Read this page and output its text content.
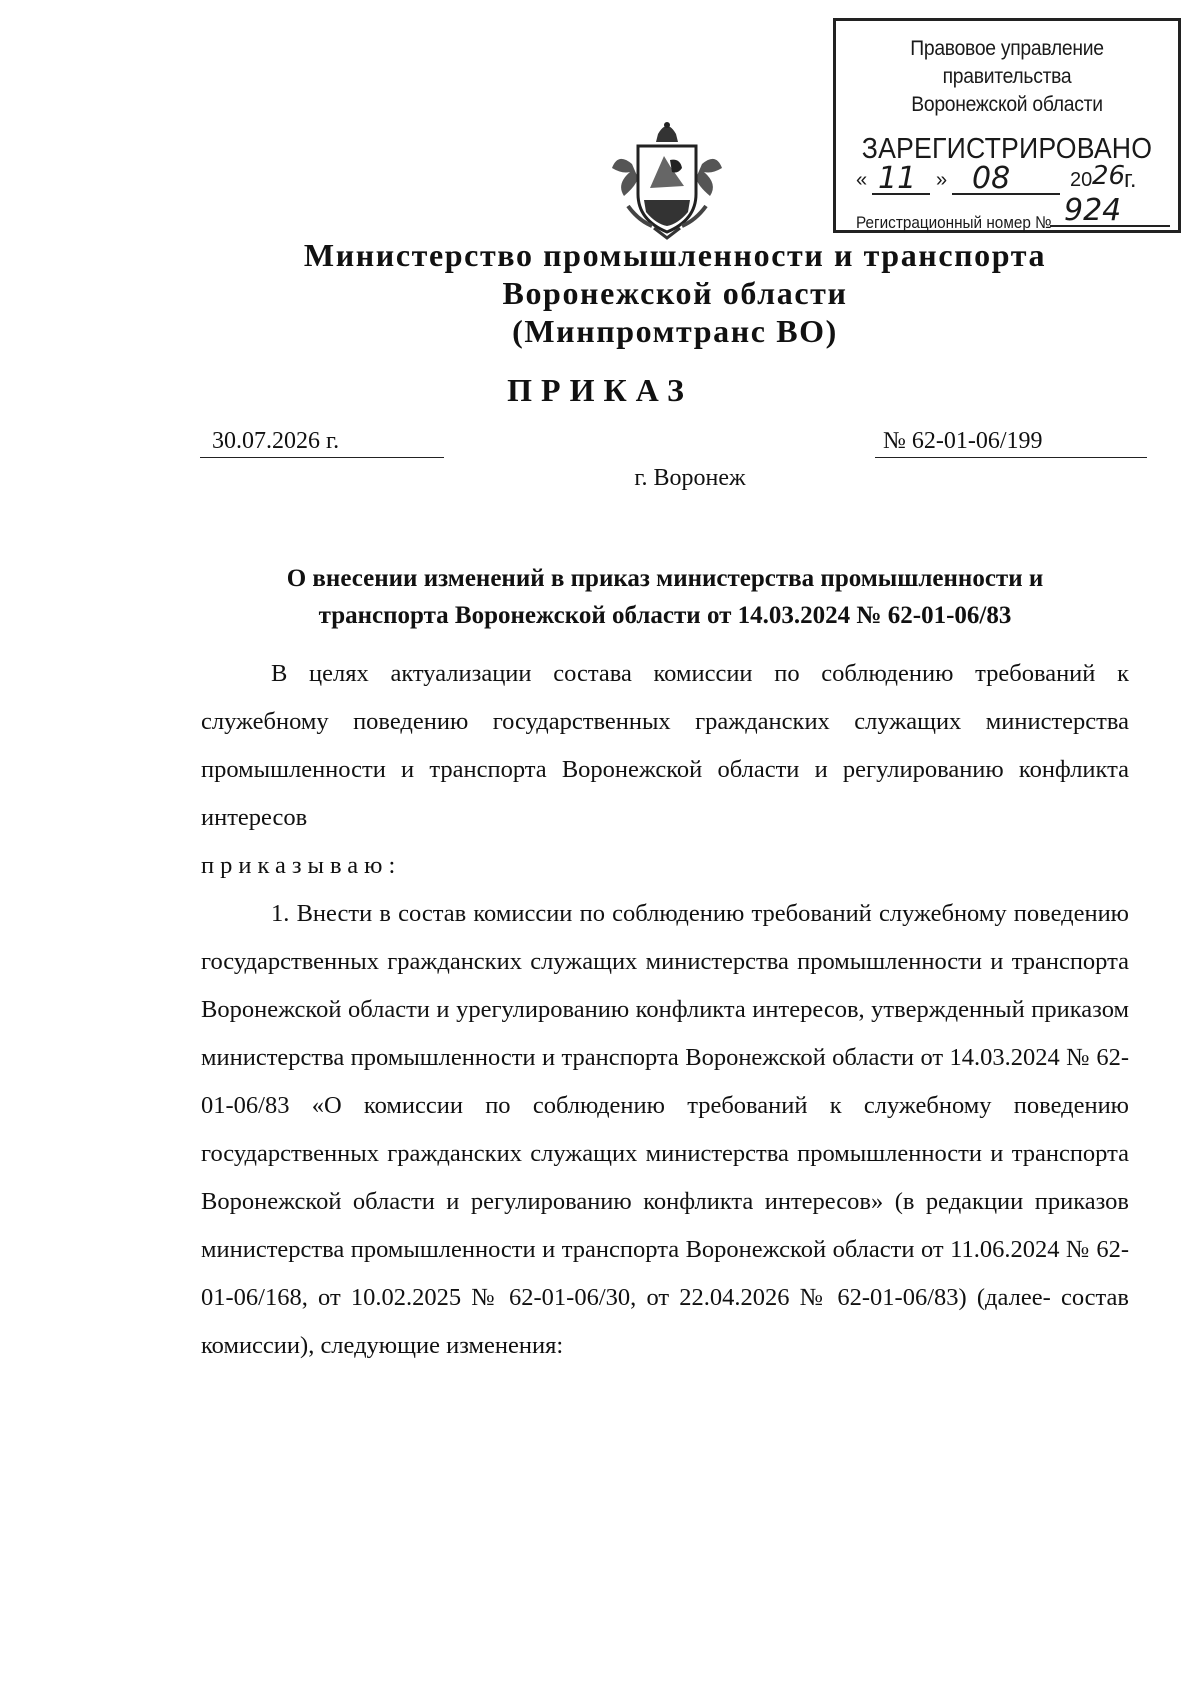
Правовое управление правительства
Воронежской области
ЗАРЕГИСТРИРОВАНО
« 11 » 08	20 26
г.
Регистрационный номер № 924
Министерство промышленности и транспорта
Воронежской области
(Минпромтранс ВО)
ПРИКАЗ
30.07.2026 г.	№ 62-01-06/199
г. Воронеж
О внесении изменений в приказ министерства промышленности и
транспорта Воронежской области от 14.03.2024 № 62-01-06/83

В целях актуализации состава комиссии по соблюдению требований к служебному поведению государственных гражданских служащих министерства промышленности и транспорта Воронежской области и регулированию конфликта интересов

приказываю:

1. Внести в состав комиссии по соблюдению требований служебному поведению государственных гражданских служащих министерства промышленности и транспорта Воронежской области и урегулированию конфликта интересов, утвержденный приказом министерства промышленности и транспорта Воронежской области от 14.03.2024 № 62-01-06/83 «О комиссии по соблюдению требований к служебному поведению государственных гражданских служащих министерства промышленности и транспорта Воронежской области и регулированию конфликта интересов» (в редакции приказов министерства промышленности и транспорта Воронежской области от 11.06.2024 № 62-01-06/168, от 10.02.2025 № 62-01-06/30, от 22.04.2026 № 62-01-06/83) (далее- состав комиссии), следующие изменения:
